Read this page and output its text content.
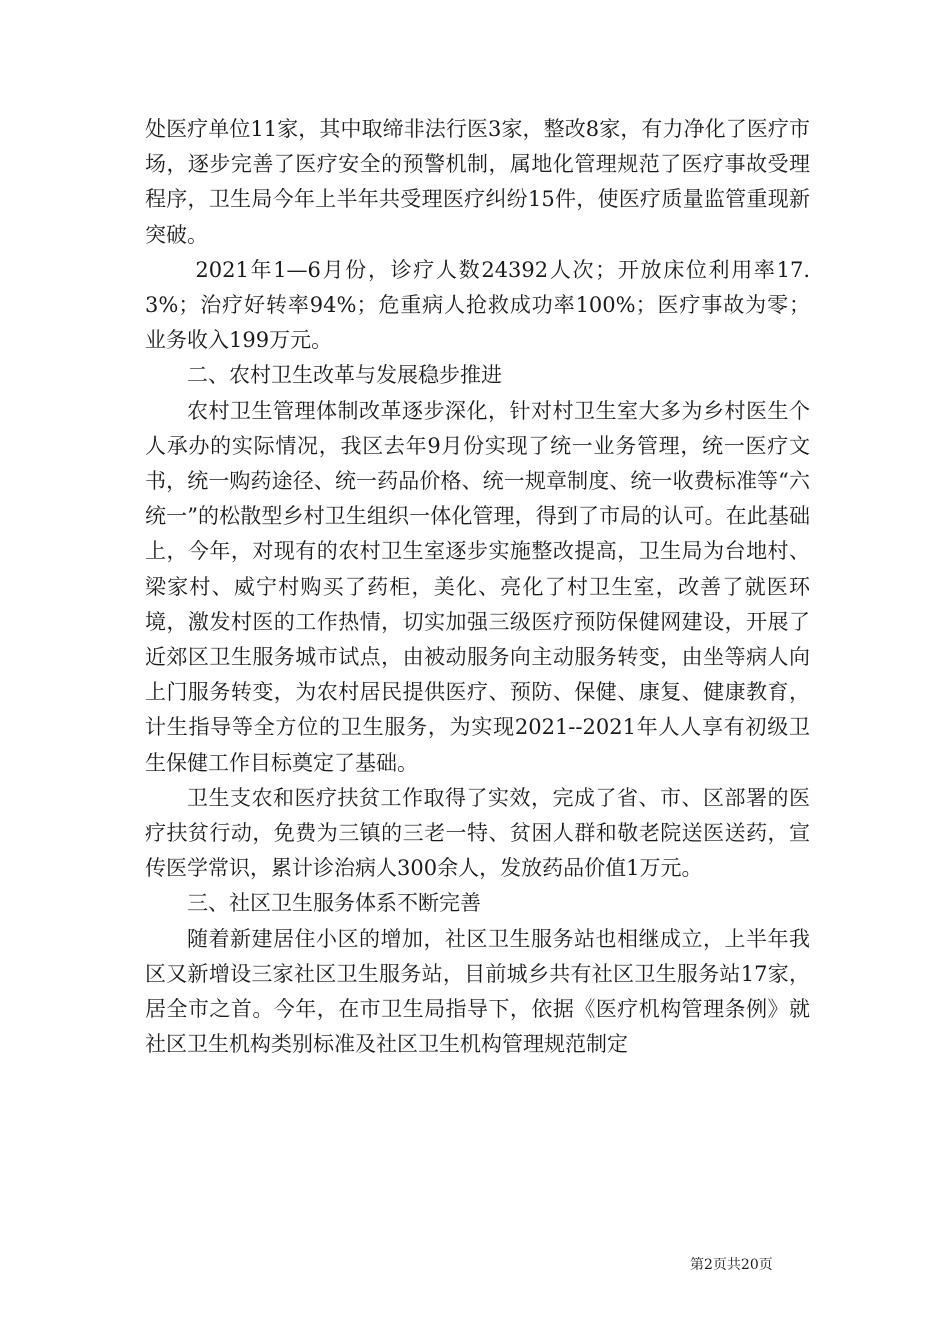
处医疗单位11家，其中取缔非法行医3家，整改8家，有力净化了医疗市场，逐步完善了医疗安全的预警机制，属地化管理规范了医疗事故受理程序，卫生局今年上半年共受理医疗纠纷15件，使医疗质量监管重现新突破。

2021年1—6月份，诊疗人数24392人次；开放床位利用率17.3%；治疗好转率94%；危重病人抢救成功率100%；医疗事故为零；业务收入199万元。

二、农村卫生改革与发展稳步推进

农村卫生管理体制改革逐步深化，针对村卫生室大多为乡村医生个人承办的实际情况，我区去年9月份实现了统一业务管理，统一医疗文书，统一购药途径、统一药品价格、统一规章制度、统一收费标准等“六统一”的松散型乡村卫生组织一体化管理，得到了市局的认可。在此基础上，今年，对现有的农村卫生室逐步实施整改提高，卫生局为台地村、梁家村、威宁村购买了药柜，美化、亮化了村卫生室，改善了就医环境，激发村医的工作热情，切实加强三级医疗预防保健网建设，开展了近郊区卫生服务城市试点，由被动服务向主动服务转变，由坐等病人向上门服务转变，为农村居民提供医疗、预防、保健、康复、健康教育，计生指导等全方位的卫生服务，为实现2021--2021年人人享有初级卫生保健工作目标奠定了基础。

卫生支农和医疗扶贫工作取得了实效，完成了省、市、区部署的医疗扶贫行动，免费为三镇的三老一特、贫困人群和敬老院送医送药，宣传医学常识，累计诊治病人300余人，发放药品价值1万元。

三、社区卫生服务体系不断完善

随着新建居住小区的增加，社区卫生服务站也相继成立，上半年我区又新增设三家社区卫生服务站，目前城乡共有社区卫生服务站17家，居全市之首。今年，在市卫生局指导下，依据《医疗机构管理条例》就社区卫生机构类别标准及社区卫生机构管理规范制定

第2页共20页
